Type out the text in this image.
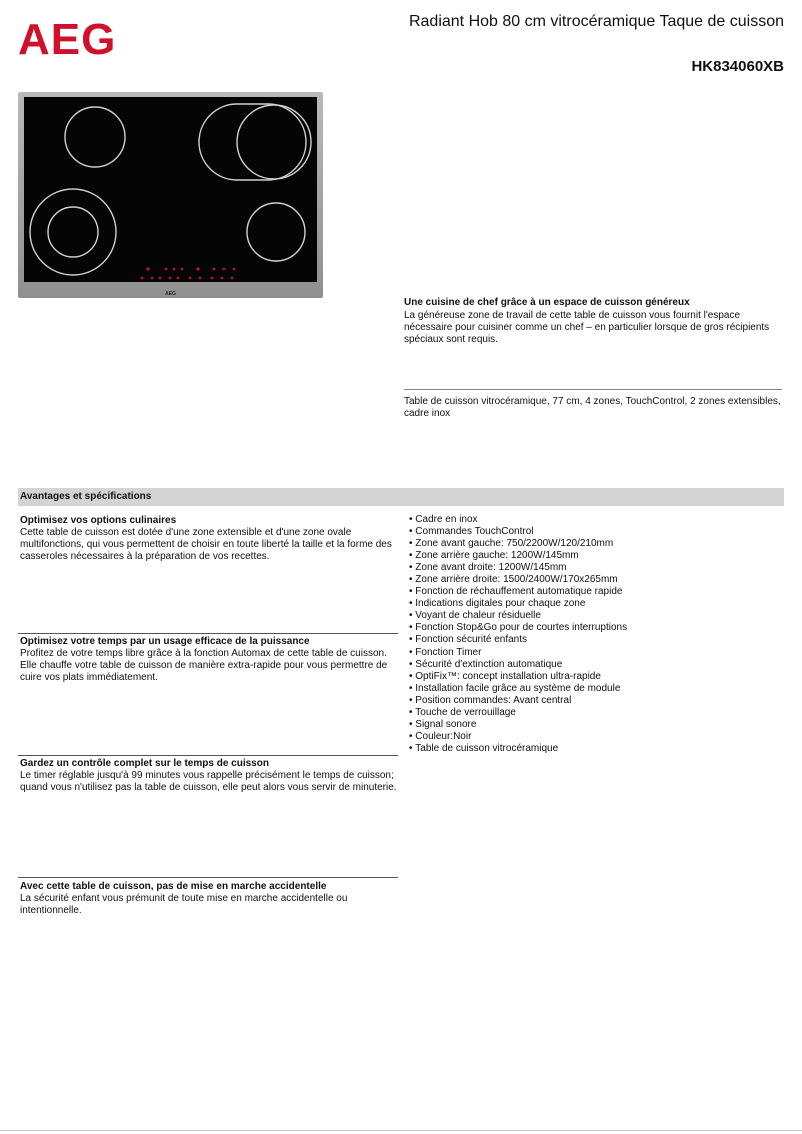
AEG	Radiant Hob 80 cm vitrocéramique Taque de cuisson
HK834060XB
AEG
Une cuisine de chef grâce à un espace de cuisson généreux

La généreuse zone de travail de cette table de cuisson vous fournit l'espace nécessaire pour cuisiner comme un chef – en particulier lorsque de gros récipients spéciaux sont requis.

Table de cuisson vitrocéramique, 77 cm, 4 zones, TouchControl, 2 zones extensibles, cadre inox

Avantages et spécifications
Optimisez vos options culinaires

Cette table de cuisson est dotée d'une zone extensible et d'une zone ovale multifonctions, qui vous permettent de choisir en toute liberté la taille et la forme des casseroles nécessaires à la préparation de vos recettes.

Optimisez votre temps par un usage efficace de la puissance

Profitez de votre temps libre grâce à la fonction Automax de cette table de cuisson. Elle chauffe votre table de cuisson de manière extra-rapide pour vous permettre de cuire vos plats immédiatement.

Gardez un contrôle complet sur le temps de cuisson

Le timer réglable jusqu'à 99 minutes vous rappelle précisément le temps de cuisson; quand vous n'utilisez pas la table de cuisson, elle peut alors vous servir de minuterie.

Avec cette table de cuisson, pas de mise en marche accidentelle

La sécurité enfant vous prémunit de toute mise en marche accidentelle ou intentionnelle.

• Cadre en inox
• Commandes TouchControl
• Zone avant gauche: 750/2200W/120/210mm
• Zone arrière gauche: 1200W/145mm
• Zone avant droite: 1200W/145mm
• Zone arrière droite: 1500/2400W/170x265mm
• Fonction de réchauffement automatique rapide
• Indications digitales pour chaque zone
• Voyant de chaleur résiduelle
• Fonction Stop&Go pour de courtes interruptions
• Fonction sécurité enfants
• Fonction Timer
• Sécurité d'extinction automatique
• OptiFix™: concept installation ultra-rapide
• Installation facile grâce au système de module
• Position commandes: Avant central
• Touche de verrouillage
• Signal sonore
• Couleur:Noir
• Table de cuisson vitrocéramique
